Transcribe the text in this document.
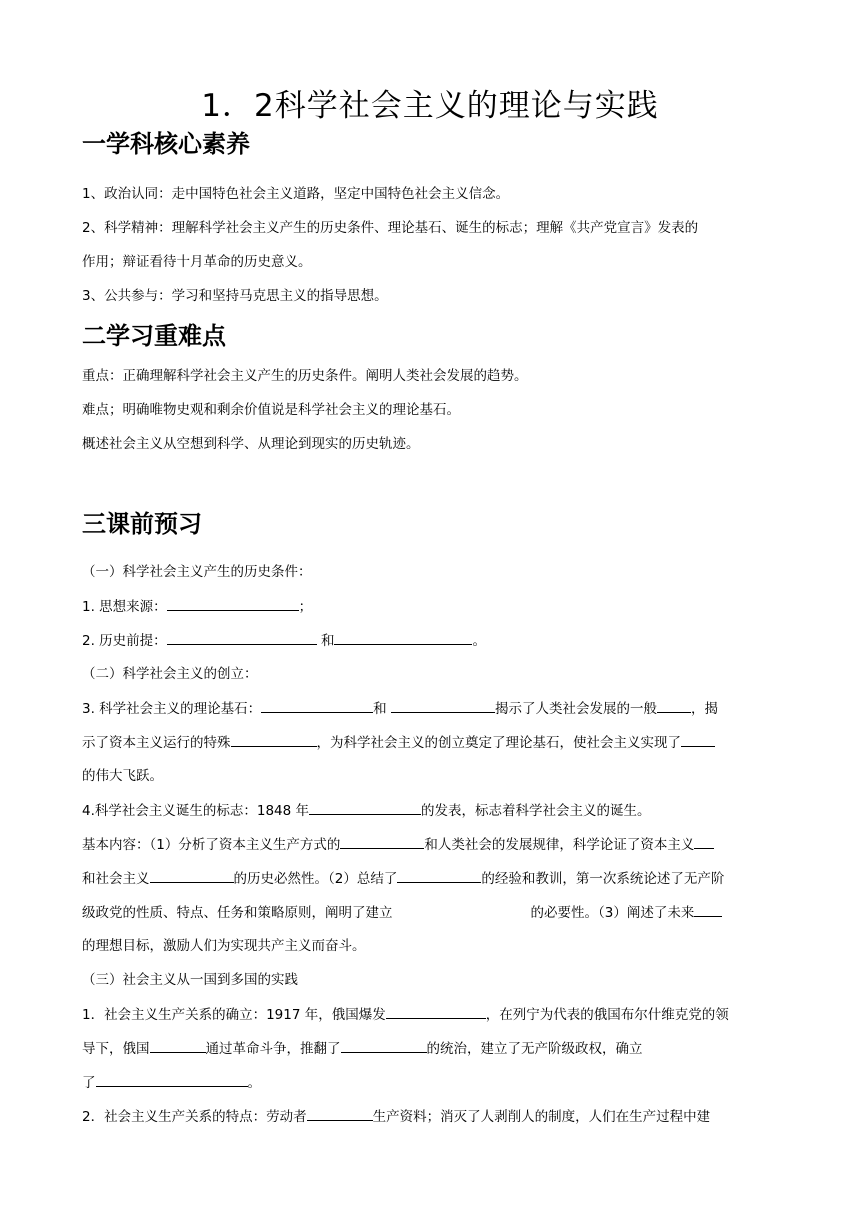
1．2科学社会主义的理论与实践
一学科核心素养
1、政治认同：走中国特色社会主义道路，坚定中国特色社会主义信念。
2、科学精神：理解科学社会主义产生的历史条件、理论基石、诞生的标志；理解《共产党宣言》发表的
作用；辩证看待十月革命的历史意义。
3、公共参与：学习和坚持马克思主义的指导思想。
二学习重难点
重点：正确理解科学社会主义产生的历史条件。阐明人类社会发展的趋势。
难点；明确唯物史观和剩余价值说是科学社会主义的理论基石。
概述社会主义从空想到科学、从理论到现实的历史轨迹。
三课前预习
（一）科学社会主义产生的历史条件：
1. 思想来源：	；
2. 历史前提：	和	。
（二）科学社会主义的创立：
3. 科学社会主义的理论基石：	和	揭示了人类社会发展的一般	，揭
示了资本主义运行的特殊	，为科学社会主义的创立奠定了理论基石，使社会主义实现了
的伟大飞跃。
4.科学社会主义诞生的标志：1848 年	的发表，标志着科学社会主义的诞生。
基本内容：（1）分析了资本主义生产方式的	和人类社会的发展规律，科学论证了资本主义
和社会主义	的历史必然性。（2）总结了	的经验和教训，第一次系统论述了无产阶
级政党的性质、特点、任务和策略原则，阐明了建立	的必要性。（3）阐述了未来
的理想目标，激励人们为实现共产主义而奋斗。
（三）社会主义从一国到多国的实践
1．社会主义生产关系的确立：1917 年，俄国爆发	，在列宁为代表的俄国布尔什维克党的领
导下，俄国	通过革命斗争，推翻了	的统治，建立了无产阶级政权，确立
了	。
2．社会主义生产关系的特点：劳动者	生产资料；消灭了人剥削人的制度，人们在生产过程中建
